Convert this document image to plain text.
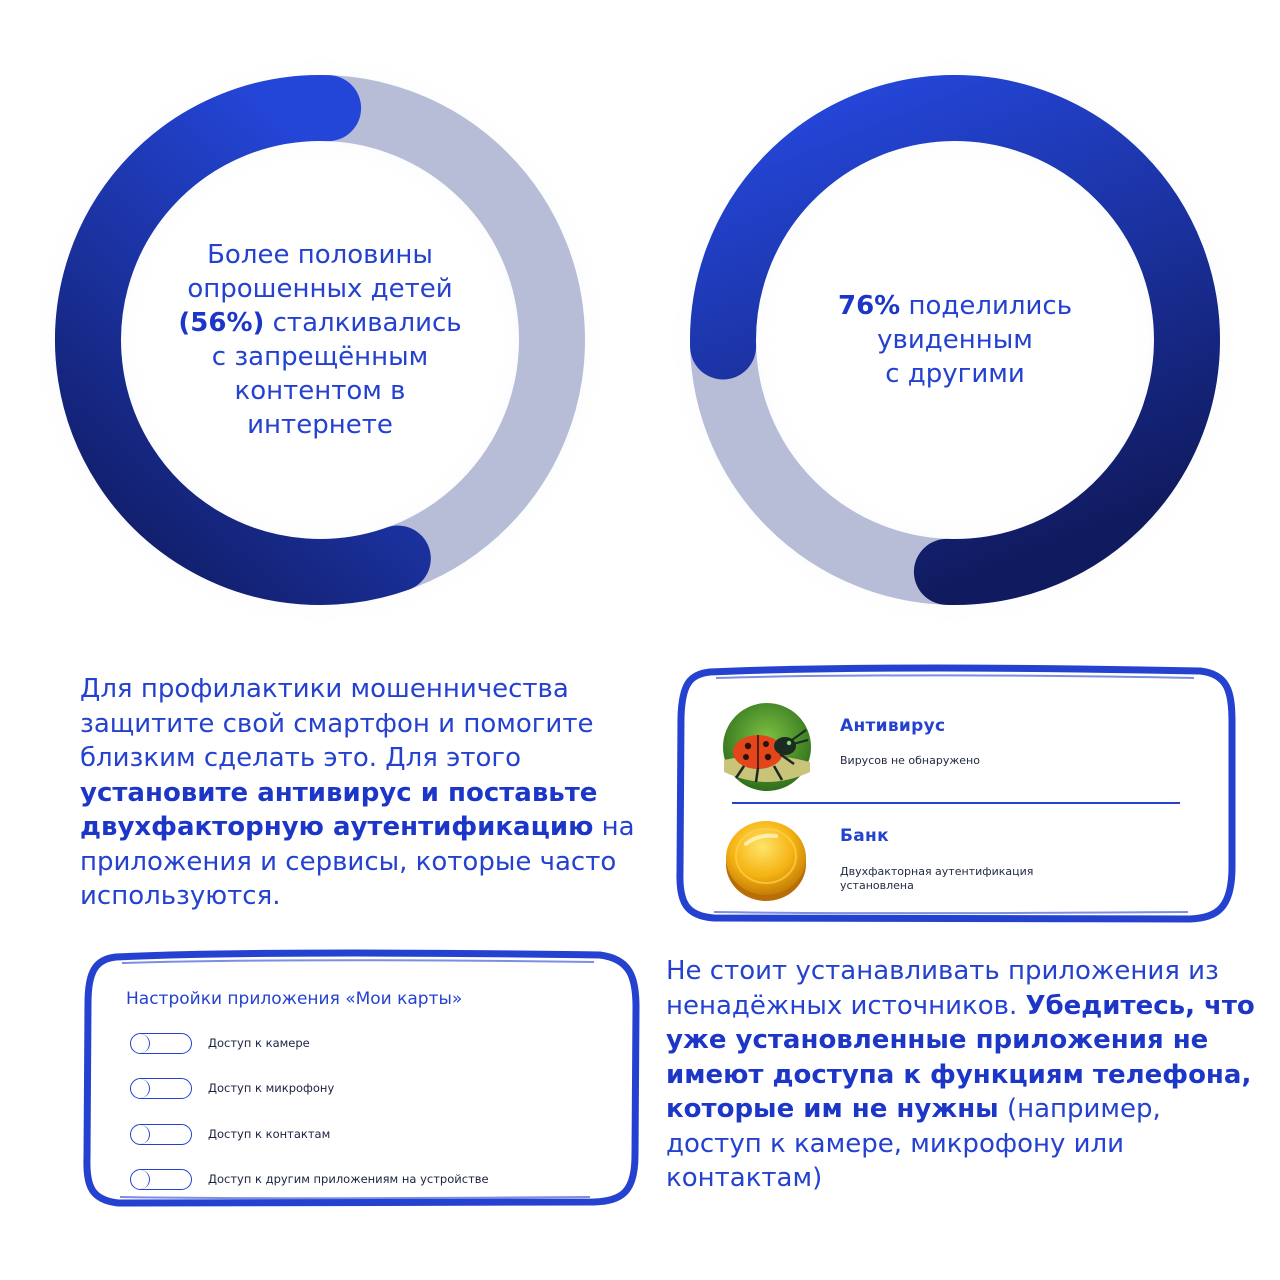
Более половины
опрошенных детей
(56%) сталкивались
с запрещённым
контентом в
интернете
76% поделились
увиденным
с другими
Для профилактики мошенничества защитите свой смартфон и помогите близким сделать это. Для этого установите антивирус и поставьте двухфакторную аутентификацию на приложения и сервисы, которые часто используются.
Антивирус
Вирусов не обнаружено
Банк
Двухфакторная аутентификация установлена
Настройки приложения «Мои карты»
Доступ к камере
Доступ к микрофону
Доступ к контактам
Доступ к другим приложениям на устройстве
Не стоит устанавливать приложения из ненадёжных источников. Убедитесь, что уже установленные приложения не имеют доступа к функциям телефона, которые им не нужны (например, доступ к камере, микрофону или контактам)
